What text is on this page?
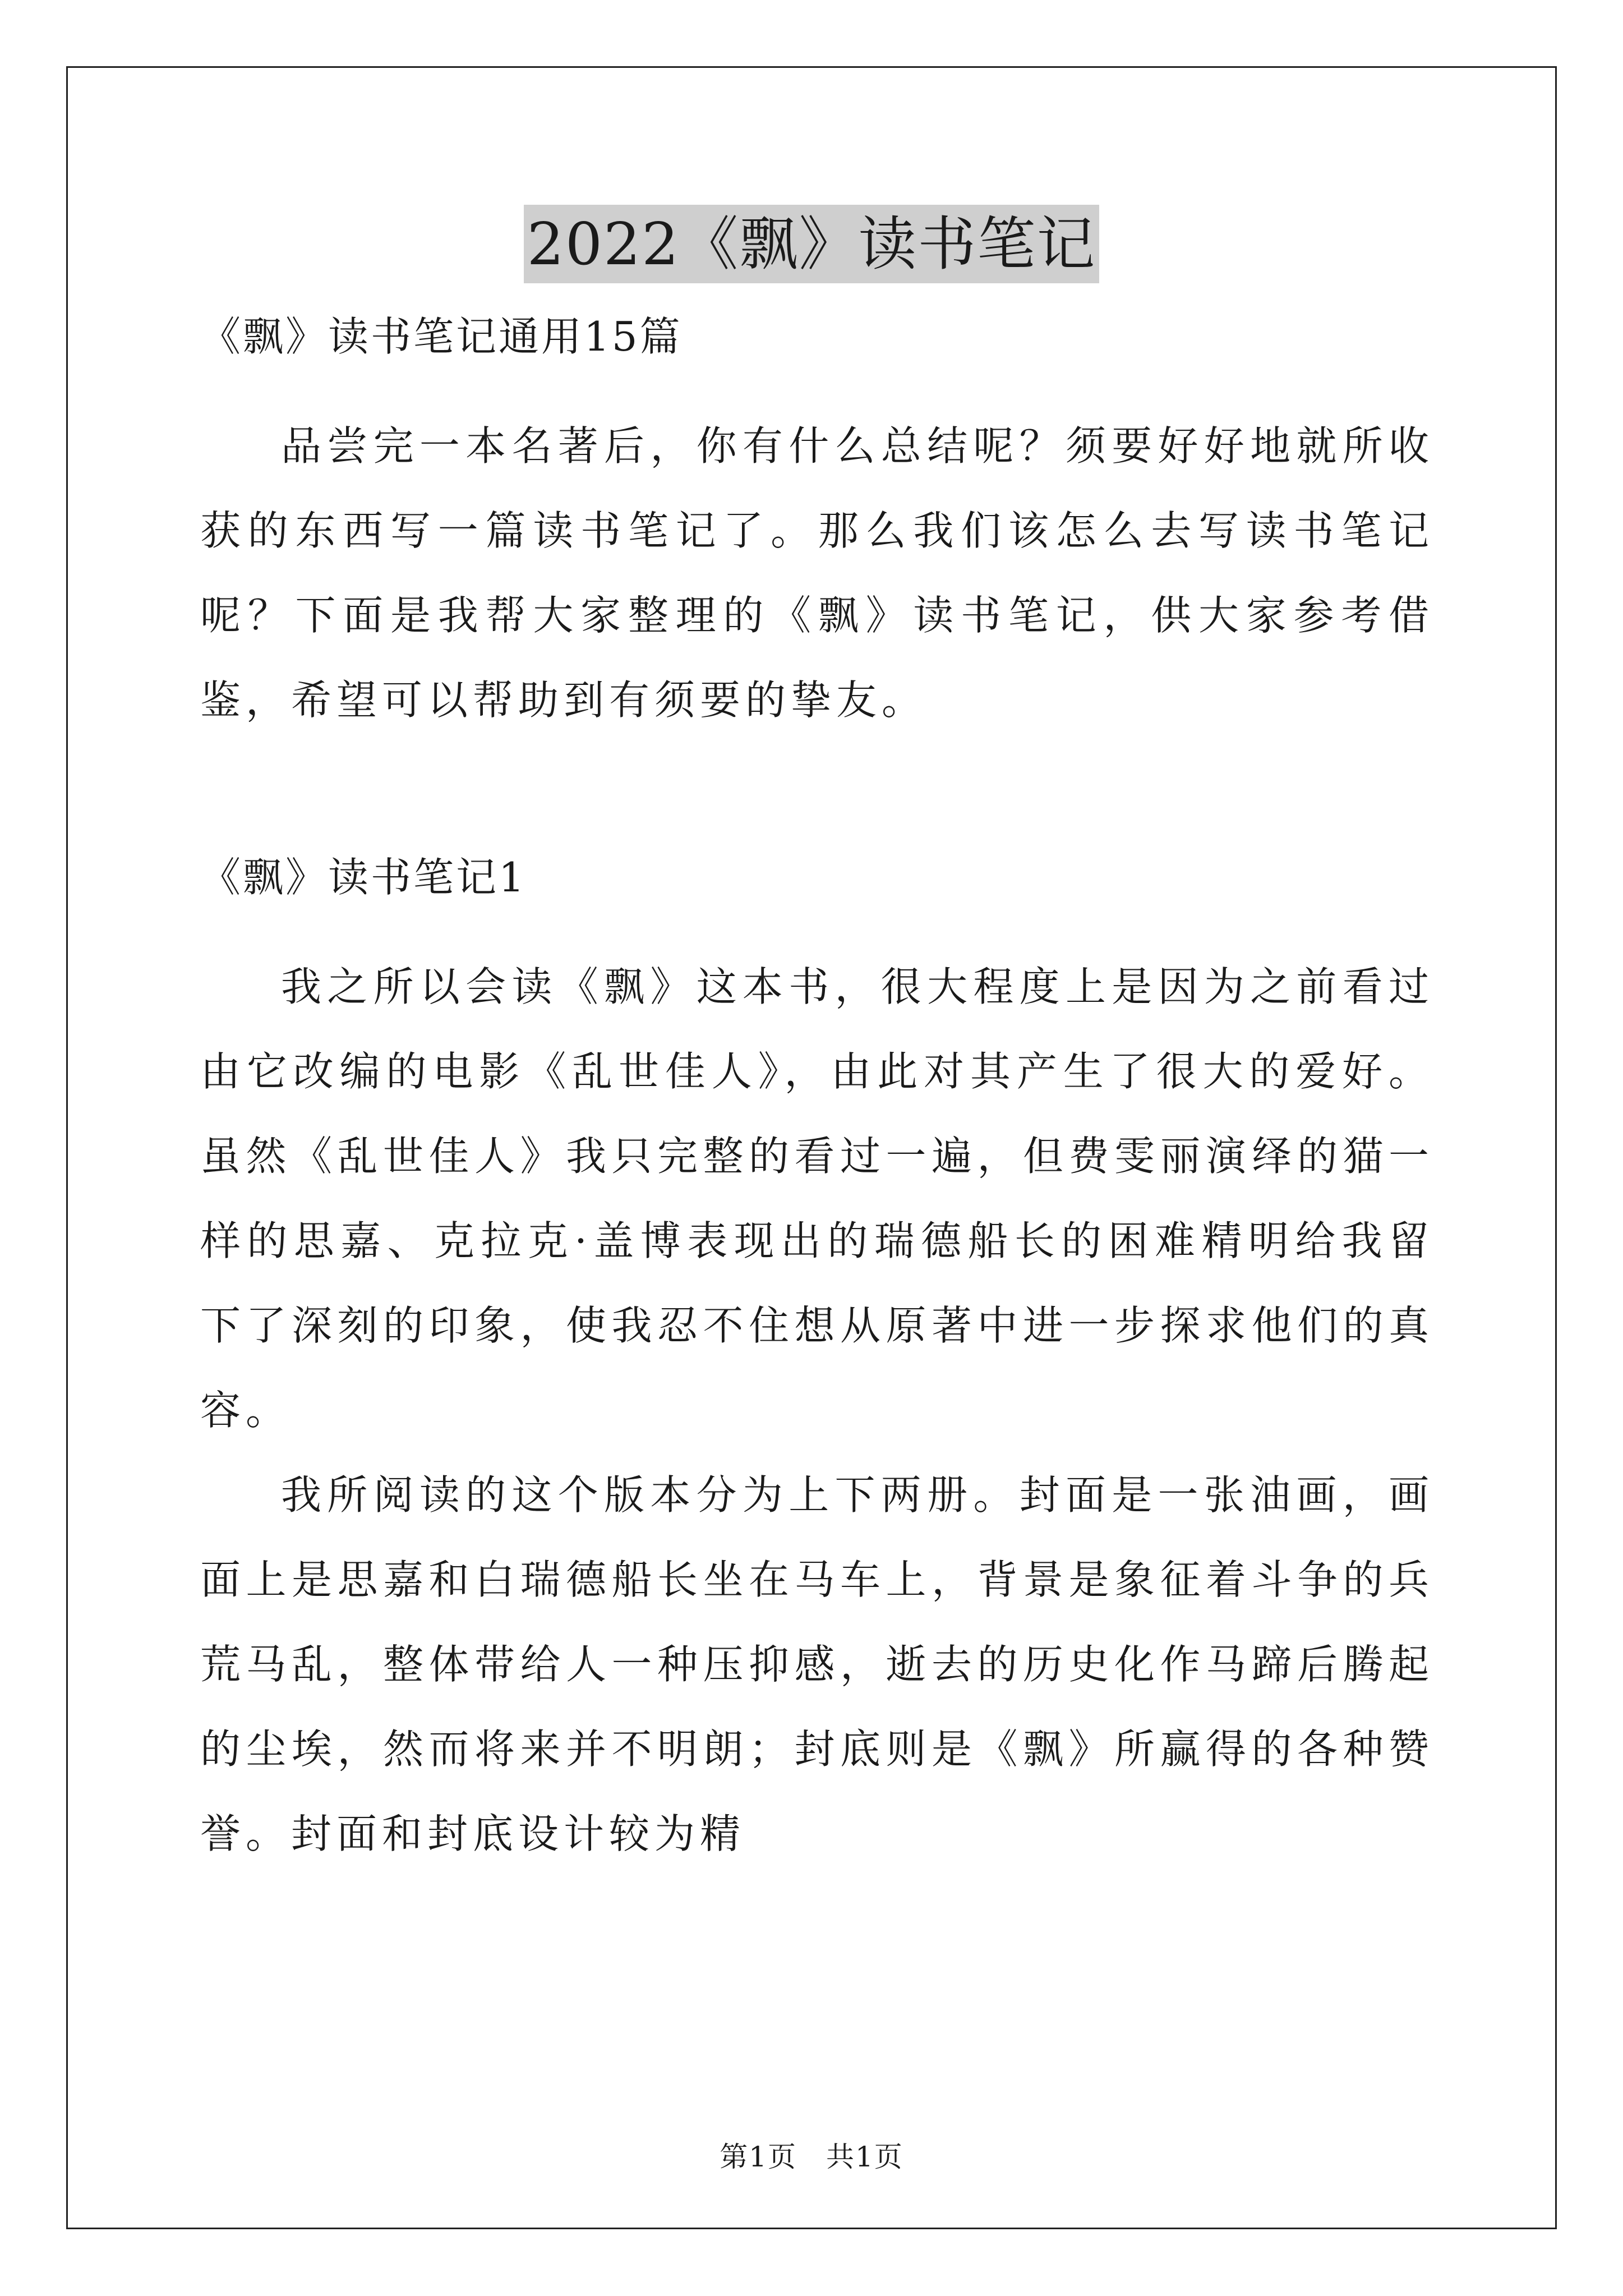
2022《飘》读书笔记

《飘》读书笔记通用15篇

品尝完一本名著后，你有什么总结呢？须要好好地就所收获的东西写一篇读书笔记了。那么我们该怎么去写读书笔记呢？下面是我帮大家整理的《飘》读书笔记，供大家参考借鉴，希望可以帮助到有须要的挚友。

《飘》读书笔记1

我之所以会读《飘》这本书，很大程度上是因为之前看过由它改编的电影《乱世佳人》，由此对其产生了很大的爱好。虽然《乱世佳人》我只完整的看过一遍，但费雯丽演绎的猫一样的思嘉、克拉克·盖博表现出的瑞德船长的困难精明给我留下了深刻的印象，使我忍不住想从原著中进一步探求他们的真容。

我所阅读的这个版本分为上下两册。封面是一张油画，画面上是思嘉和白瑞德船长坐在马车上，背景是象征着斗争的兵荒马乱，整体带给人一种压抑感，逝去的历史化作马蹄后腾起的尘埃，然而将来并不明朗；封底则是《飘》所赢得的各种赞誉。封面和封底设计较为精

第1页　共1页
